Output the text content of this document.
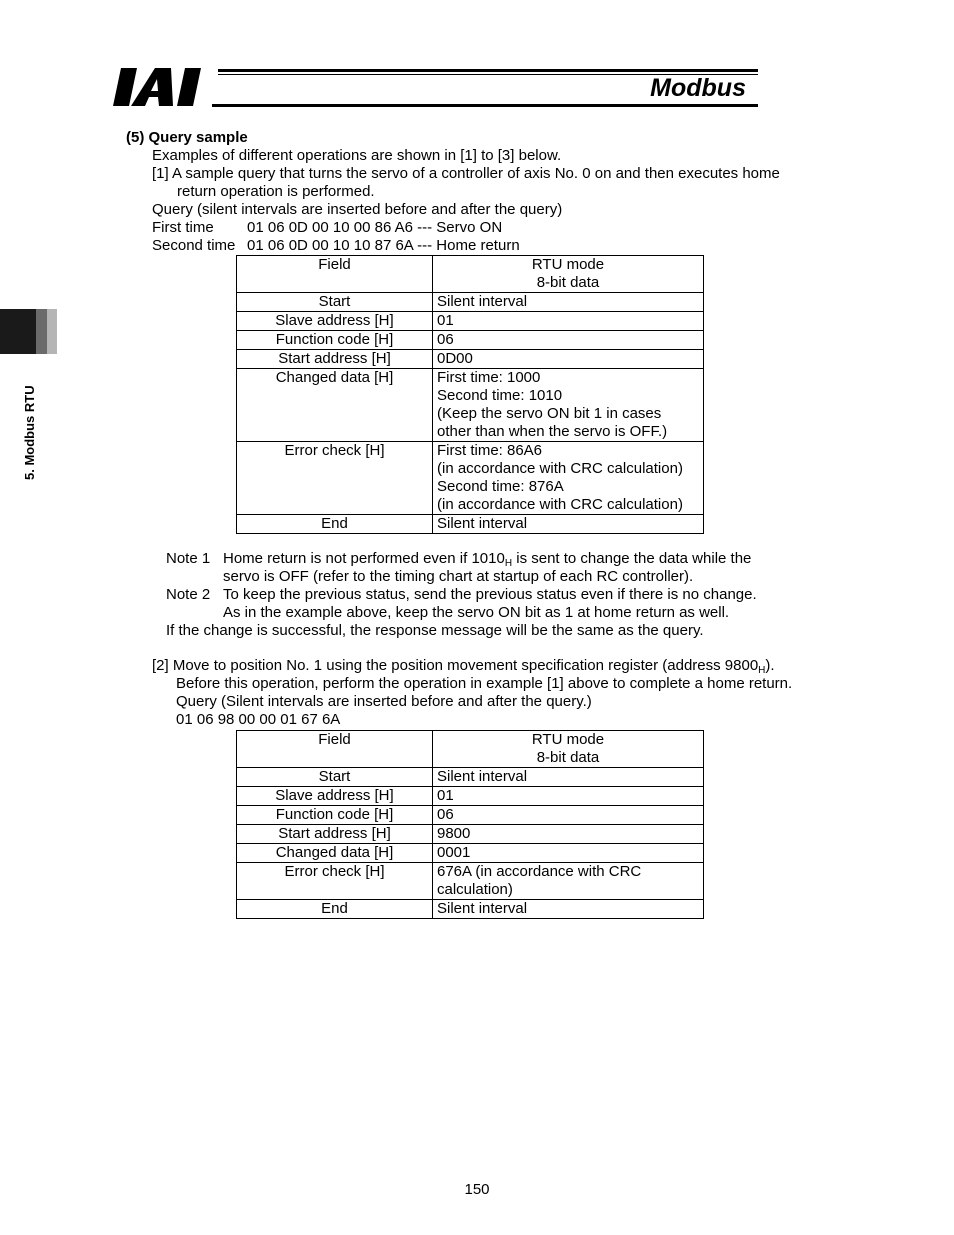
Modbus
5. Modbus RTU
(5) Query sample
Examples of different operations are shown in [1] to [3] below.
[1] A sample query that turns the servo of a controller of axis No. 0 on and then executes home
return operation is performed.
Query (silent intervals are inserted before and after the query)
First time 01 06 0D 00 10 00 86 A6 --- Servo ON
Second time 01 06 0D 00 10 10 87 6A --- Home return
Field	RTU mode
8-bit data

Start	Silent interval

Slave address [H]	01

Function code [H]	06

Start address [H]	0D00

Changed data [H]	First time: 1000
Second time: 1010
(Keep the servo ON bit 1 in cases
other than when the servo is OFF.)

Error check [H]	First time: 86A6
(in accordance with CRC calculation)
Second time: 876A
(in accordance with CRC calculation)

End	Silent interval
Note 1 Home return is not performed even if $1010_H$ is sent to change the data while the
servo is OFF (refer to the timing chart at startup of each RC controller).
Note 2 To keep the previous status, send the previous status even if there is no change.
As in the example above, keep the servo ON bit as 1 at home return as well.
If the change is successful, the response message will be the same as the query.
[2] Move to position No. 1 using the position movement specification register (address $9800_H$).
Before this operation, perform the operation in example [1] above to complete a home return.
Query (Silent intervals are inserted before and after the query.)
01 06 98 00 00 01 67 6A
Field	RTU mode
8-bit data

Start	Silent interval

Slave address [H]	01

Function code [H]	06

Start address [H]	9800

Changed data [H]	0001

Error check [H]	676A (in accordance with CRC
calculation)

End	Silent interval
150
